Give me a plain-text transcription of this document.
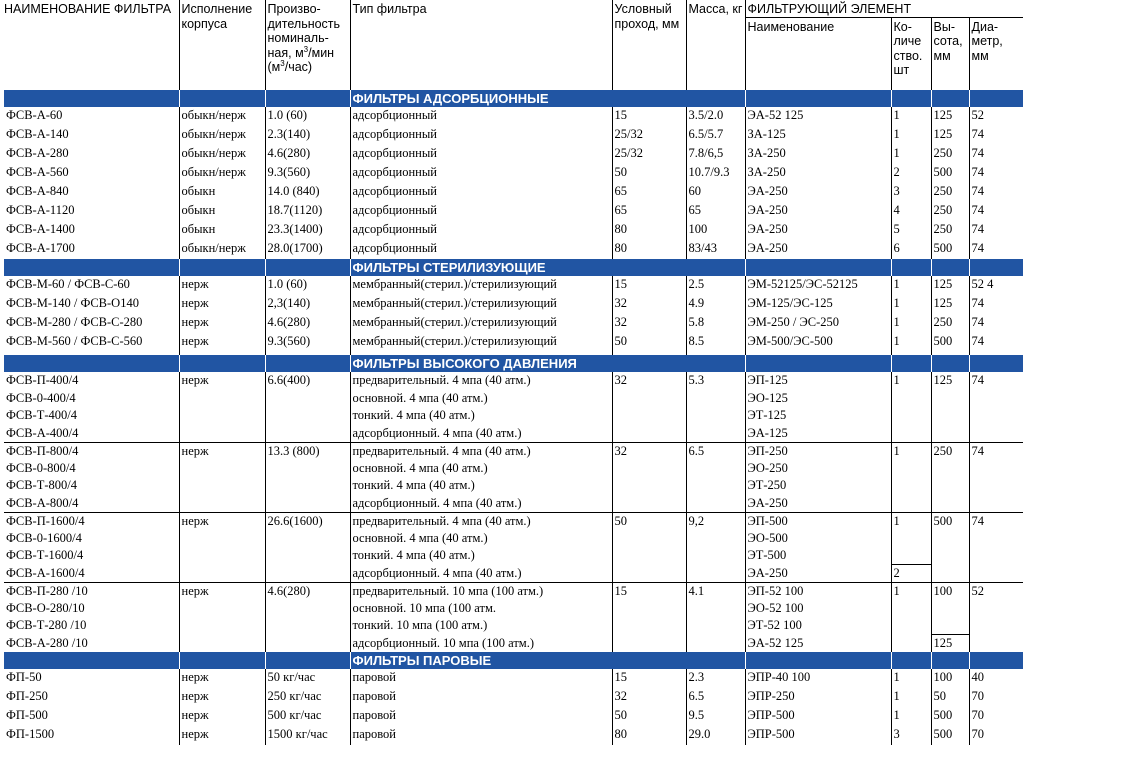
НАИМЕНОВАНИЕ ФИЛЬТРА	Исполнение корпуса	Произво-дительность номиналь-ная, $м^3$/мин $(м^3/час)$	Тип фильтра	Условный проход, мм	Масса, кг	ФИЛЬТРУЮЩИЙ ЭЛЕМЕНТ			
						Наименование	Ко-личе ство. шт	Вы-сота, мм	Диа-метр, мм
			ФИЛЬТРЫ АДСОРБЦИОННЫЕ						
ФСВ-А-60	обыкн/нерж	1.0 (60)	адсорбционный	15	3.5/2.0	ЭА-52 125	1	125	52
ФСВ-А-140	обыкн/нерж	2.3(140)	адсорбционный	25/32	6.5/5.7	ЗА-125	1	125	74
ФСВ-А-280	обыкн/нерж	4.6(280)	адсорбционный	25/32	7.8/6,5	ЗА-250	1	250	74
ФСВ-А-560	обыкн/нерж	9.3(560)	адсорбционный	50	10.7/9.3	ЗА-250	2	500	74
ФСВ-А-840	обыкн	14.0 (840)	адсорбционный	65	60	ЭА-250	3	250	74
ФСВ-А-1120	обыкн	18.7(1120)	адсорбционный	65	65	ЭА-250	4	250	74
ФСВ-А-1400	обыкн	23.3(1400)	адсорбционный	80	100	ЭА-250	5	250	74
ФСВ-А-1700	обыкн/нерж	28.0(1700)	адсорбционный	80	83/43	ЭА-250	6	500	74
			ФИЛЬТРЫ СТЕРИЛИЗУЮЩИЕ						
ФСВ-М-60 / ФСВ-С-60	нерж	1.0 (60)	мембранный(стерил.)/стерилизующий	15	2.5	ЭМ-52125/ЭС-52125	1	125	52 4
ФСВ-М-140 / ФСВ-О140	нерж	2,3(140)	мембранный(стерил.)/стерилизующий	32	4.9	ЭМ-125/ЭС-125	1	125	74
ФСВ-М-280 / ФСВ-С-280	нерж	4.6(280)	мембранный(стерил.)/стерилизующий	32	5.8	ЭМ-250 / ЭС-250	1	250	74
ФСВ-М-560 / ФСВ-С-560	нерж	9.3(560)	мембранный(стерил.)/стерилизующий	50	8.5	ЭМ-500/ЭС-500	1	500	74
			ФИЛЬТРЫ ВЫСОКОГО ДАВЛЕНИЯ						
ФСВ-П-400/4	нерж	6.6(400)	предварительный. 4 мпа (40 атм.)	32	5.3	ЭП-125	1	125	74
ФСВ-0-400/4			основной. 4 мпа (40 атм.)			ЭО-125			
ФСВ-Т-400/4			тонкий. 4 мпа (40 атм.)			ЭТ-125			
ФСВ-А-400/4			адсорбционный. 4 мпа (40 атм.)			ЭА-125			
ФСВ-П-800/4	нерж	13.3 (800)	предварительный. 4 мпа (40 атм.)	32	6.5	ЭП-250	1	250	74
ФСВ-0-800/4			основной. 4 мпа (40 атм.)			ЭО-250			
ФСВ-Т-800/4			тонкий. 4 мпа (40 атм.)			ЭТ-250			
ФСВ-А-800/4			адсорбционный. 4 мпа (40 атм.)			ЭА-250			
ФСВ-П-1600/4	нерж	26.6(1600)	предварительный. 4 мпа (40 атм.)	50	9,2	ЭП-500	1	500	74
ФСВ-0-1600/4			основной. 4 мпа (40 атм.)			ЭО-500			
ФСВ-Т-1600/4			тонкий. 4 мпа (40 атм.)			ЭТ-500			
ФСВ-А-1600/4			адсорбционный. 4 мпа (40 атм.)			ЭА-250	2		
ФСВ-П-280 /10	нерж	4.6(280)	предварительный. 10 мпа (100 атм.)	15	4.1	ЭП-52 100	1	100	52
ФСВ-О-280/10			основной. 10 мпа (100 атм.			ЭО-52 100			
ФСВ-Т-280 /10			тонкий. 10 мпа (100 атм.)			ЭТ-52 100			
ФСВ-А-280 /10			адсорбционный. 10 мпа (100 атм.)			ЭА-52 125		125	
			ФИЛЬТРЫ ПАРОВЫЕ						
ФП-50	нерж	50 кг/час	паровой	15	2.3	ЭПР-40 100	1	100	40
ФП-250	нерж	250 кг/час	паровой	32	6.5	ЭПР-250	1	50	70
ФП-500	нерж	500 кг/час	паровой	50	9.5	ЭПР-500	1	500	70
ФП-1500	нерж	1500 кг/час	паровой	80	29.0	ЭПР-500	3	500	70
